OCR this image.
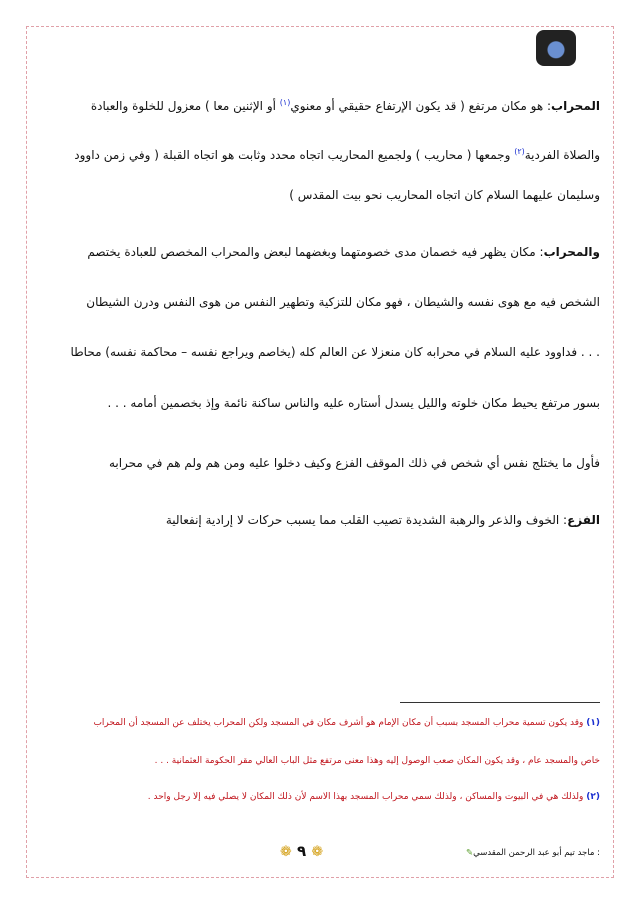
المحراب: هو مكان مرتفع ( قد يكون الإرتفاع حقيقي أو معنوي$^{(١)}$ أو الإثنين معا ) معزول للخلوة والعبادة
والصلاة الفردية$^{(٢)}$ وجمعها ( محاريب ) ولجميع المحاريب اتجاه محدد وثابت هو اتجاه القبلة ( وفي زمن داوود
وسليمان عليهما السلام كان اتجاه المحاريب نحو بيت المقدس )
والمحراب: مكان يظهر فيه خصمان مدى خصومتهما وبغضهما لبعض والمحراب المخصص للعبادة يختصم
الشخص فيه مع هوى نفسه والشيطان ، فهو مكان للتزكية وتطهير النفس من هوى النفس ودرن الشيطان
. . . فداوود عليه السلام في محرابه كان منعزلا عن العالم كله (يخاصم ويراجع نفسه – محاكمة نفسه) محاطا
بسور مرتفع يحيط مكان خلوته والليل يسدل أستاره عليه والناس ساكنة نائمة وإذ بخصمين أمامه . . .
فأول ما يختلج نفس أي شخص في ذلك الموقف الفزع وكيف دخلوا عليه ومن هم ولم هم في محرابه
الفزع: الخوف والذعر والرهبة الشديدة تصيب القلب مما يسبب حركات لا إرادية إنفعالية
(١) وقد يكون تسمية محراب المسجد بسبب أن مكان الإمام هو أشرف مكان في المسجد ولكن المحراب يختلف عن المسجد أن المحراب
خاص والمسجد عام ، وقد يكون المكان صعب الوصول إليه وهذا معنى مرتفع مثل الباب العالي مقر الحكومة العثمانية . . .
(٢) ولذلك هي في البيوت والمساكن ، ولذلك سمي محراب المسجد بهذا الاسم لأن ذلك المكان لا يصلي فيه إلا رجل واحد .
: ماجد تيم أبو عبد الرحمن المقدسي✎
❁ ٩ ❁
